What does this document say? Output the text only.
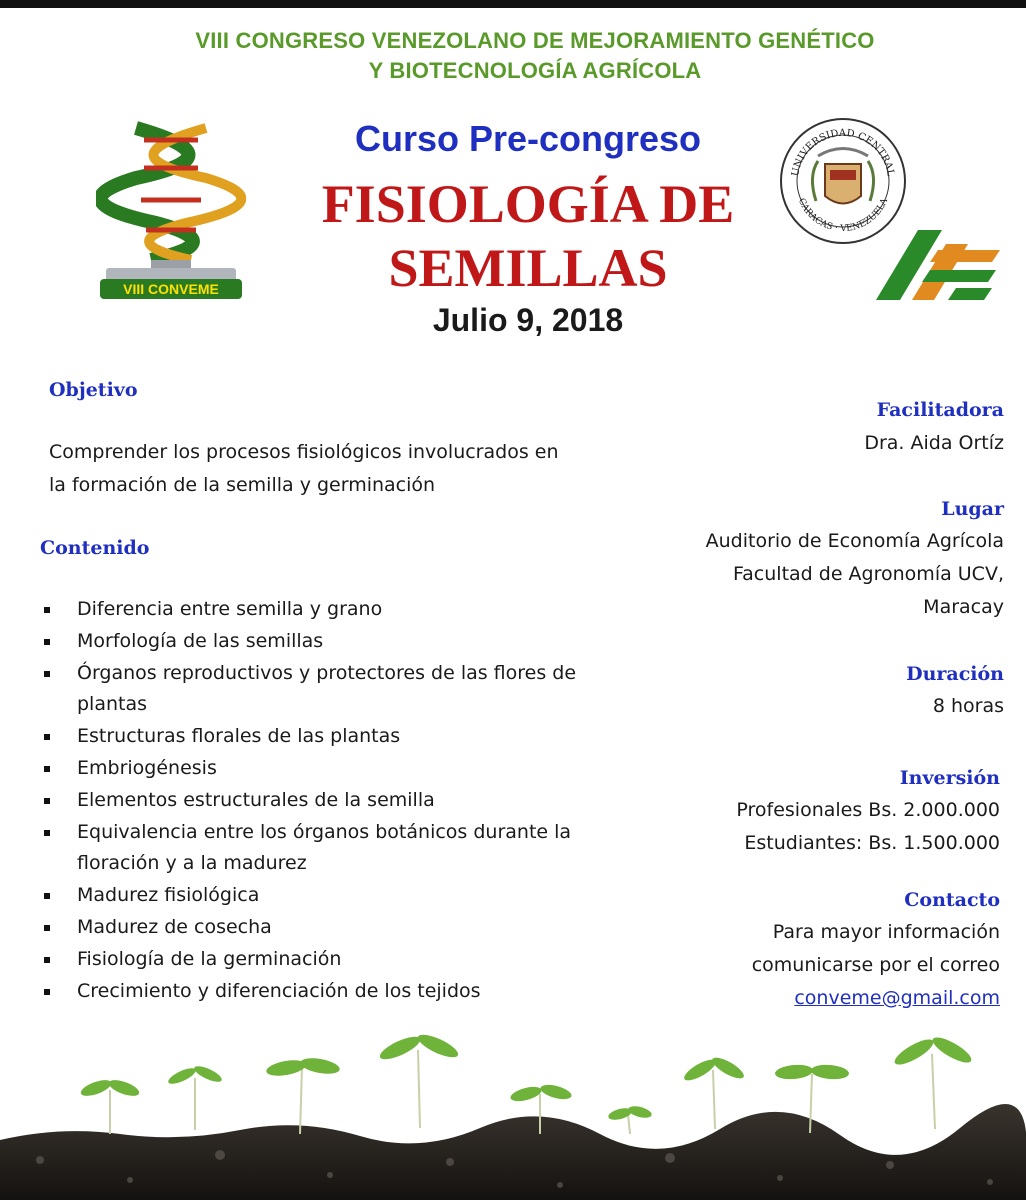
VIII CONGRESO VENEZOLANO DE MEJORAMIENTO GENÉTICO
Y BIOTECNOLOGÍA AGRÍCOLA
VIII CONVEME
Curso Pre-congreso
FISIOLOGÍA DE
SEMILLAS
Julio 9, 2018
UNIVERSIDAD CENTRAL
CARACAS · VENEZUELA
Objetivo
Comprender los procesos fisiológicos involucrados en
la formación de la semilla y germinación
Contenido
Diferencia entre semilla y grano
Morfología de las semillas
Órganos reproductivos y protectores de las flores de plantas
Estructuras florales de las plantas
Embriogénesis
Elementos estructurales de la semilla
Equivalencia entre los órganos botánicos durante la floración y a la madurez
Madurez fisiológica
Madurez de cosecha
Fisiología de la germinación
Crecimiento y diferenciación de los tejidos
Facilitadora
Dra. Aida Ortíz
Lugar
Auditorio de Economía Agrícola
Facultad de Agronomía UCV,
Maracay
Duración
8 horas
Inversión
Profesionales Bs. 2.000.000
Estudiantes: Bs. 1.500.000
Contacto
Para mayor información
comunicarse por el correo
conveme@gmail.com
